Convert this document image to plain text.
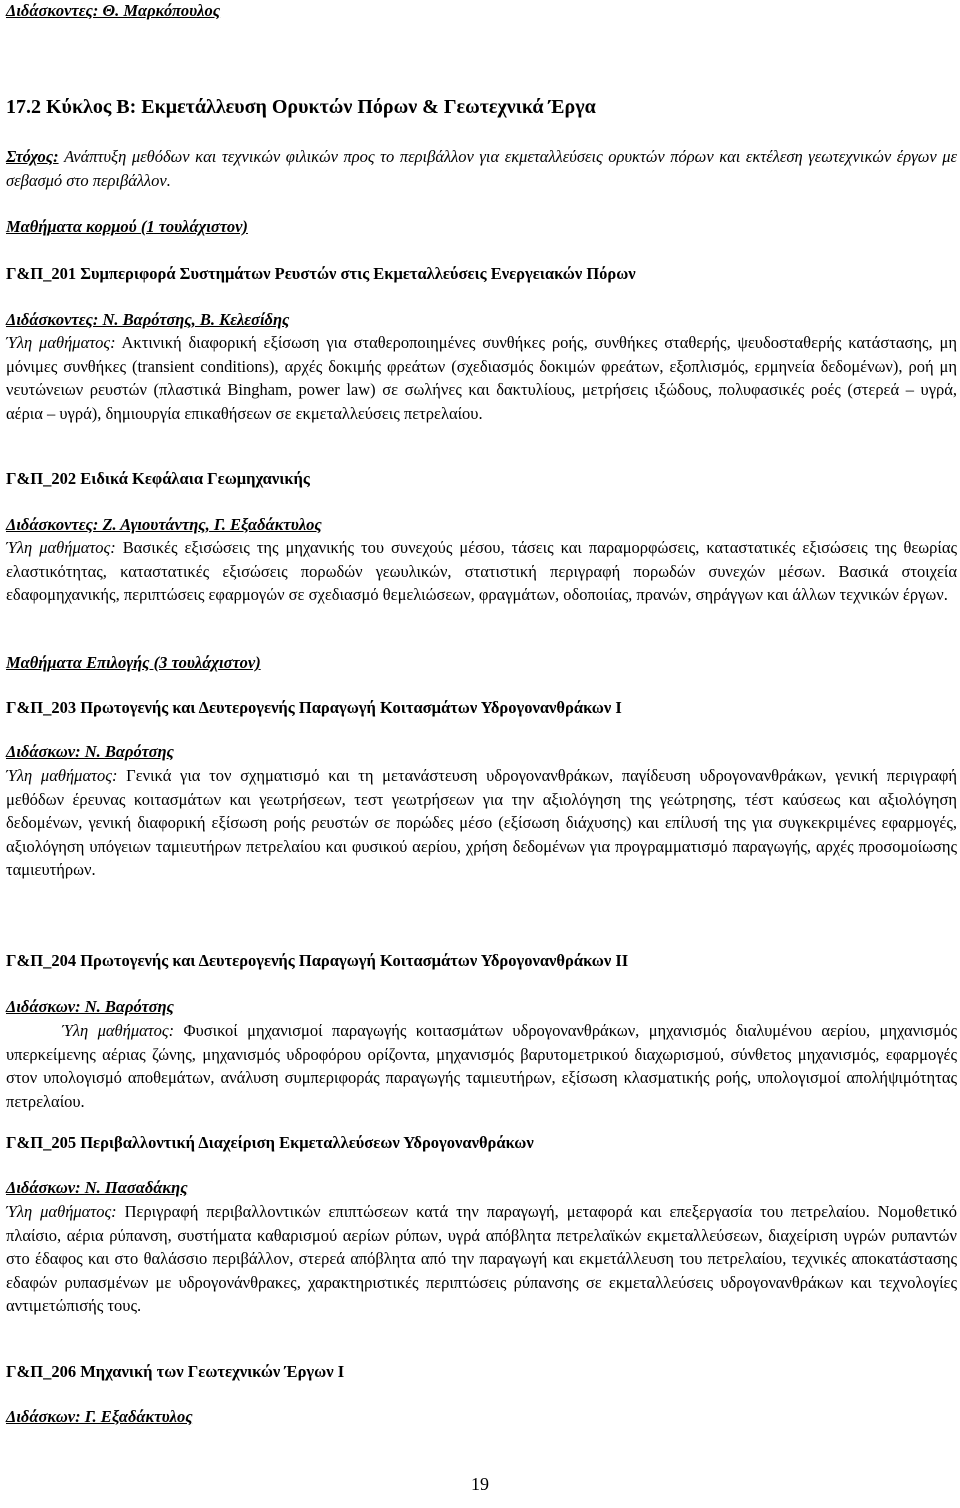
Διδάσκοντες: Θ. Μαρκόπουλος
17.2 Κύκλος Β: Εκμετάλλευση Ορυκτών Πόρων & Γεωτεχνικά Έργα
Στόχος: Ανάπτυξη μεθόδων και τεχνικών φιλικών προς το περιβάλλον για εκμεταλλεύσεις ορυκτών πόρων και εκτέλεση γεωτεχνικών έργων με σεβασμό στο περιβάλλον.
Μαθήματα κορμού (1 τουλάχιστον)
Γ&Π_201 Συμπεριφορά Συστημάτων Ρευστών στις Εκμεταλλεύσεις Ενεργειακών Πόρων
Διδάσκοντες: Ν. Βαρότσης, Β. Κελεσίδης
Ύλη μαθήματος: Ακτινική διαφορική εξίσωση για σταθεροποιημένες συνθήκες ροής, συνθήκες σταθερής, ψευδοσταθερής κατάστασης, μη μόνιμες συνθήκες (transient conditions), αρχές δοκιμής φρεάτων (σχεδιασμός δοκιμών φρεάτων, εξοπλισμός, ερμηνεία δεδομένων), ροή μη νευτώνειων ρευστών (πλαστικά Bingham, power law) σε σωλήνες και δακτυλίους, μετρήσεις ιξώδους, πολυφασικές ροές (στερεά – υγρά, αέρια – υγρά), δημιουργία επικαθήσεων σε εκμεταλλεύσεις πετρελαίου.
Γ&Π_202 Ειδικά Κεφάλαια Γεωμηχανικής
Διδάσκοντες: Ζ. Αγιουτάντης, Γ. Εξαδάκτυλος
Ύλη μαθήματος: Βασικές εξισώσεις της μηχανικής του συνεχούς μέσου, τάσεις και παραμορφώσεις, καταστατικές εξισώσεις της θεωρίας ελαστικότητας, καταστατικές εξισώσεις πορωδών γεωυλικών, στατιστική περιγραφή πορωδών συνεχών μέσων. Βασικά στοιχεία εδαφομηχανικής, περιπτώσεις εφαρμογών σε σχεδιασμό θεμελιώσεων, φραγμάτων, οδοποιίας, πρανών, σηράγγων και άλλων τεχνικών έργων.
Μαθήματα Επιλογής (3 τουλάχιστον)
Γ&Π_203 Πρωτογενής και Δευτερογενής Παραγωγή Κοιτασμάτων Υδρογονανθράκων Ι
Διδάσκων: Ν. Βαρότσης
Ύλη μαθήματος: Γενικά για τον σχηματισμό και τη μετανάστευση υδρογονανθράκων, παγίδευση υδρογονανθράκων, γενική περιγραφή μεθόδων έρευνας κοιτασμάτων και γεωτρήσεων, τεστ γεωτρήσεων για την αξιολόγηση της γεώτρησης, τέστ καύσεως και αξιολόγηση δεδομένων, γενική διαφορική εξίσωση ροής ρευστών σε πορώδες μέσο (εξίσωση διάχυσης) και επίλυσή της για συγκεκριμένες εφαρμογές, αξιολόγηση υπόγειων ταμιευτήρων πετρελαίου και φυσικού αερίου, χρήση δεδομένων για προγραμματισμό παραγωγής, αρχές προσομοίωσης ταμιευτήρων.
Γ&Π_204 Πρωτογενής και Δευτερογενής Παραγωγή Κοιτασμάτων Υδρογονανθράκων ΙΙ
Διδάσκων: Ν. Βαρότσης
Ύλη μαθήματος: Φυσικοί μηχανισμοί παραγωγής κοιτασμάτων υδρογονανθράκων, μηχανισμός διαλυμένου αερίου, μηχανισμός υπερκείμενης αέριας ζώνης, μηχανισμός υδροφόρου ορίζοντα, μηχανισμός βαρυτομετρικού διαχωρισμού, σύνθετος μηχανισμός, εφαρμογές στον υπολογισμό αποθεμάτων, ανάλυση συμπεριφοράς παραγωγής ταμιευτήρων, εξίσωση κλασματικής ροής, υπολογισμοί απολήψιμότητας πετρελαίου.
Γ&Π_205 Περιβαλλοντική Διαχείριση Εκμεταλλεύσεων Υδρογονανθράκων
Διδάσκων: Ν. Πασαδάκης
Ύλη μαθήματος: Περιγραφή περιβαλλοντικών επιπτώσεων κατά την παραγωγή, μεταφορά και επεξεργασία του πετρελαίου. Νομοθετικό πλαίσιο, αέρια ρύπανση, συστήματα καθαρισμού αερίων ρύπων, υγρά απόβλητα πετρελαϊκών εκμεταλλεύσεων, διαχείριση υγρών ρυπαντών στο έδαφος και στο θαλάσσιο περιβάλλον, στερεά απόβλητα από την παραγωγή και εκμετάλλευση του πετρελαίου, τεχνικές αποκατάστασης εδαφών ρυπασμένων με υδρογονάνθρακες, χαρακτηριστικές περιπτώσεις ρύπανσης σε εκμεταλλεύσεις υδρογονανθράκων και τεχνολογίες αντιμετώπισής τους.
Γ&Π_206 Μηχανική των Γεωτεχνικών Έργων Ι
Διδάσκων: Γ. Εξαδάκτυλος
19
